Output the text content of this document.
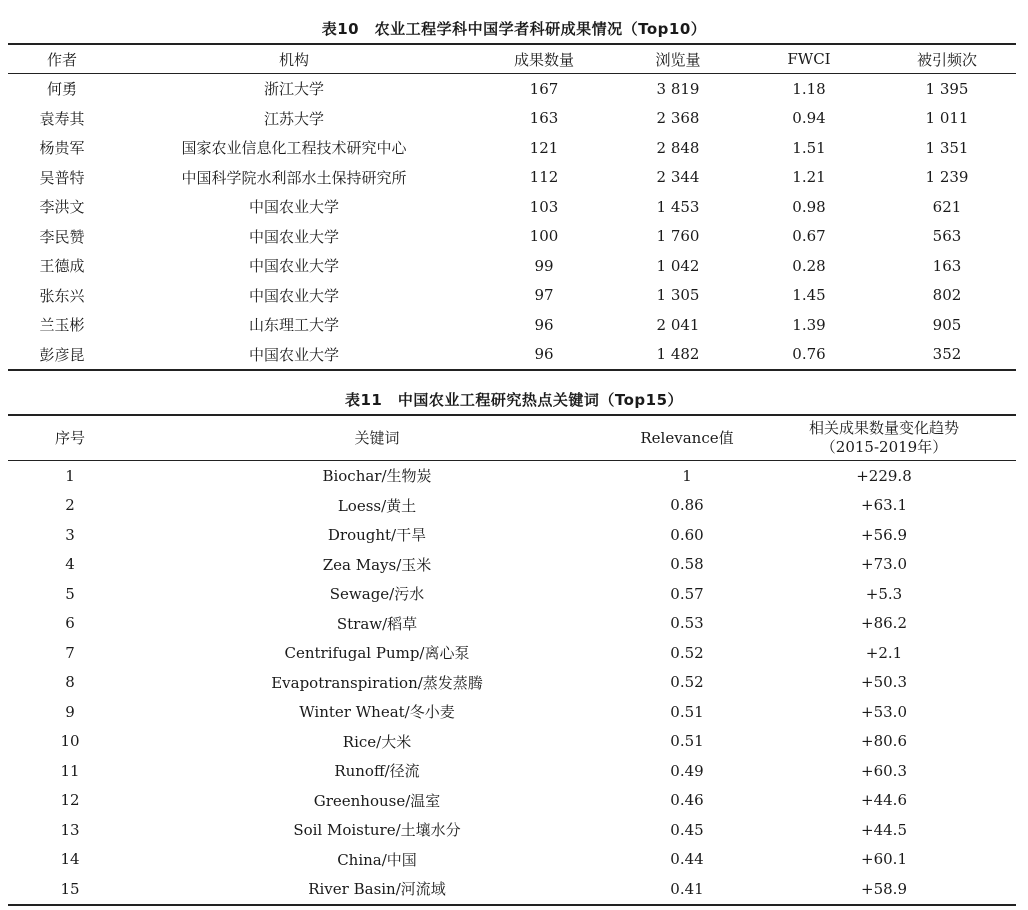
表10　农业工程学科中国学者科研成果情况（Top10）
作者	机构	成果数量	浏览量	FWCI	被引频次
何勇	浙江大学	167	3 819	1.18	1 395
袁寿其	江苏大学	163	2 368	0.94	1 011
杨贵军	国家农业信息化工程技术研究中心	121	2 848	1.51	1 351
吴普特	中国科学院水利部水土保持研究所	112	2 344	1.21	1 239
李洪文	中国农业大学	103	1 453	0.98	621
李民赞	中国农业大学	100	1 760	0.67	563
王德成	中国农业大学	99	1 042	0.28	163
张东兴	中国农业大学	97	1 305	1.45	802
兰玉彬	山东理工大学	96	2 041	1.39	905
彭彦昆	中国农业大学	96	1 482	0.76	352
表11　中国农业工程研究热点关键词（Top15）
序号	关键词	Relevance值	相关成果数量变化趋势
（2015-2019年）

1	Biochar/生物炭	1	+229.8
2	Loess/黄土	0.86	+63.1
3	Drought/干旱	0.60	+56.9
4	Zea Mays/玉米	0.58	+73.0
5	Sewage/污水	0.57	+5.3
6	Straw/稻草	0.53	+86.2
7	Centrifugal Pump/离心泵	0.52	+2.1
8	Evapotranspiration/蒸发蒸腾	0.52	+50.3
9	Winter Wheat/冬小麦	0.51	+53.0
10	Rice/大米	0.51	+80.6
11	Runoff/径流	0.49	+60.3
12	Greenhouse/温室	0.46	+44.6
13	Soil Moisture/土壤水分	0.45	+44.5
14	China/中国	0.44	+60.1
15	River Basin/河流域	0.41	+58.9
